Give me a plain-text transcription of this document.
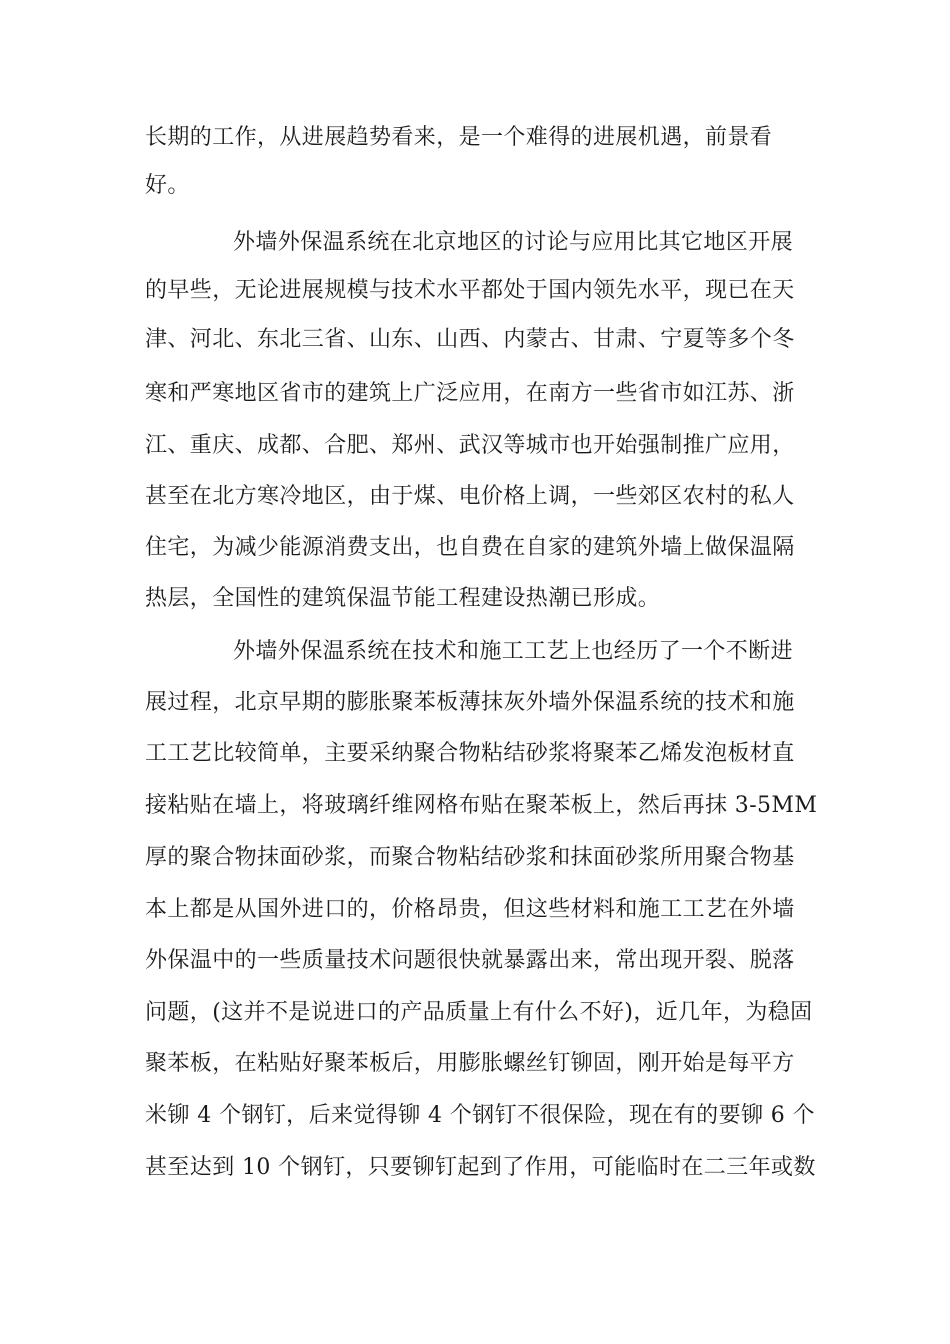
长期的工作，从进展趋势看来，是一个难得的进展机遇，前景看
好。
外墙外保温系统在北京地区的讨论与应用比其它地区开展
的早些，无论进展规模与技术水平都处于国内领先水平，现已在天
津、河北、东北三省、山东、山西、内蒙古、甘肃、宁夏等多个冬
寒和严寒地区省市的建筑上广泛应用，在南方一些省市如江苏、浙
江、重庆、成都、合肥、郑州、武汉等城市也开始强制推广应用，
甚至在北方寒冷地区，由于煤、电价格上调，一些郊区农村的私人
住宅，为减少能源消费支出，也自费在自家的建筑外墙上做保温隔
热层，全国性的建筑保温节能工程建设热潮已形成。
外墙外保温系统在技术和施工工艺上也经历了一个不断进
展过程，北京早期的膨胀聚苯板薄抹灰外墙外保温系统的技术和施
工工艺比较简单，主要采纳聚合物粘结砂浆将聚苯乙烯发泡板材直
接粘贴在墙上，将玻璃纤维网格布贴在聚苯板上，然后再抹 3-5MM
厚的聚合物抹面砂浆，而聚合物粘结砂浆和抹面砂浆所用聚合物基
本上都是从国外进口的，价格昂贵，但这些材料和施工工艺在外墙
外保温中的一些质量技术问题很快就暴露出来，常出现开裂、脱落
问题，(这并不是说进口的产品质量上有什么不好)，近几年，为稳固
聚苯板，在粘贴好聚苯板后，用膨胀螺丝钉铆固，刚开始是每平方
米铆 4 个钢钉，后来觉得铆 4 个钢钉不很保险，现在有的要铆 6 个
甚至达到 10 个钢钉，只要铆钉起到了作用，可能临时在二三年或数
